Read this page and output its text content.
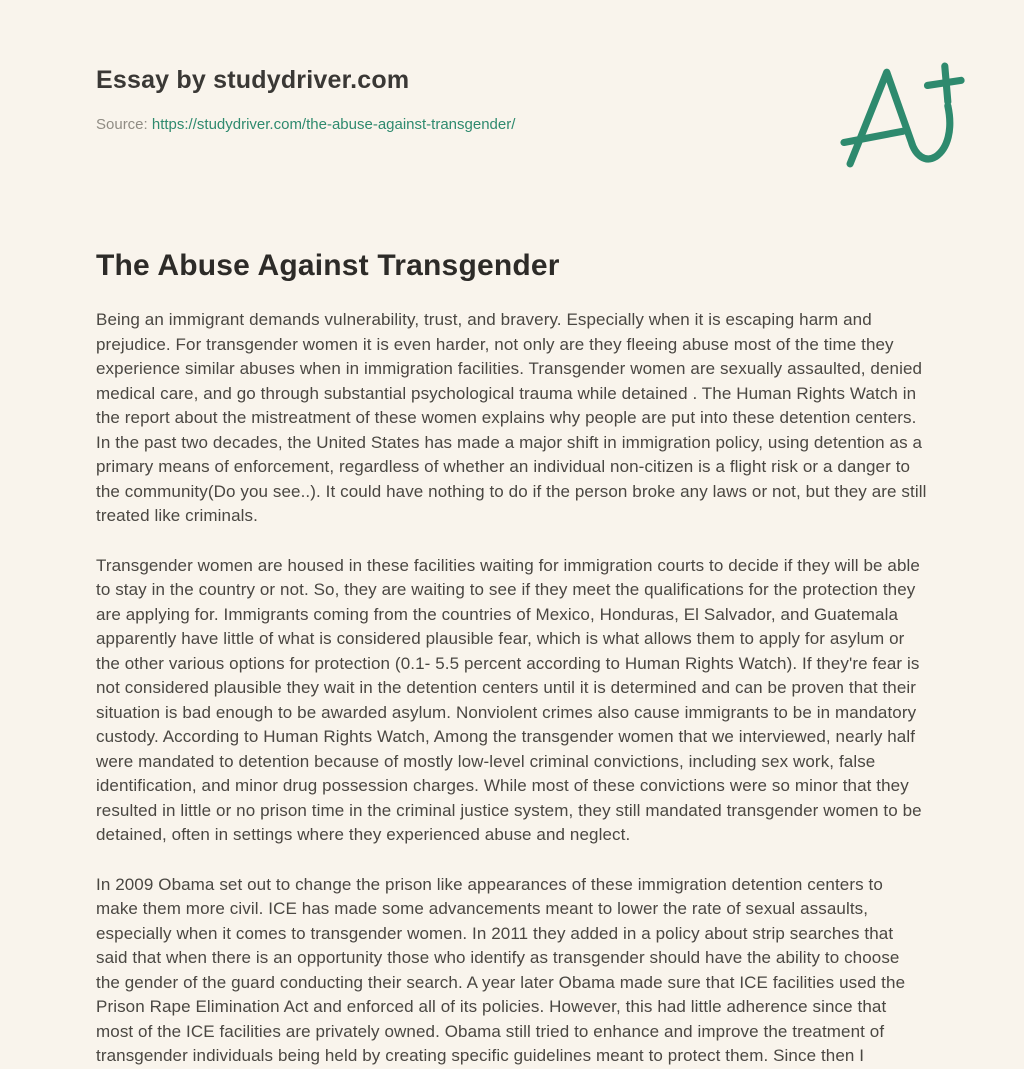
Essay by studydriver.com
Source: https://studydriver.com/the-abuse-against-transgender/
The Abuse Against Transgender

Being an immigrant demands vulnerability, trust, and bravery. Especially when it is escaping harm and prejudice. For transgender women it is even harder, not only are they fleeing abuse most of the time they experience similar abuses when in immigration facilities. Transgender women are sexually assaulted, denied medical care, and go through substantial psychological trauma while detained . The Human Rights Watch in the report about the mistreatment of these women explains why people are put into these detention centers. In the past two decades, the United States has made a major shift in immigration policy, using detention as a primary means of enforcement, regardless of whether an individual non-citizen is a flight risk or a danger to the community(Do you see..). It could have nothing to do if the person broke any laws or not, but they are still treated like criminals.

Transgender women are housed in these facilities waiting for immigration courts to decide if they will be able to stay in the country or not. So, they are waiting to see if they meet the qualifications for the protection they are applying for. Immigrants coming from the countries of Mexico, Honduras, El Salvador, and Guatemala apparently have little of what is considered plausible fear, which is what allows them to apply for asylum or the other various options for protection (0.1- 5.5 percent according to Human Rights Watch). If they're fear is not considered plausible they wait in the detention centers until it is determined and can be proven that their situation is bad enough to be awarded asylum. Nonviolent crimes also cause immigrants to be in mandatory custody. According to Human Rights Watch, Among the transgender women that we interviewed, nearly half were mandated to detention because of mostly low-level criminal convictions, including sex work, false identification, and minor drug possession charges. While most of these convictions were so minor that they resulted in little or no prison time in the criminal justice system, they still mandated transgender women to be detained, often in settings where they experienced abuse and neglect.

In 2009 Obama set out to change the prison like appearances of these immigration detention centers to make them more civil. ICE has made some advancements meant to lower the rate of sexual assaults, especially when it comes to transgender women. In 2011 they added in a policy about strip searches that said that when there is an opportunity those who identify as transgender should have the ability to choose the gender of the guard conducting their search. A year later Obama made sure that ICE facilities used the Prison Rape Elimination Act and enforced all of its policies. However, this had little adherence since that most of the ICE facilities are privately owned. Obama still tried to enhance and improve the treatment of transgender individuals being held by creating specific guidelines meant to protect them. Since then I
